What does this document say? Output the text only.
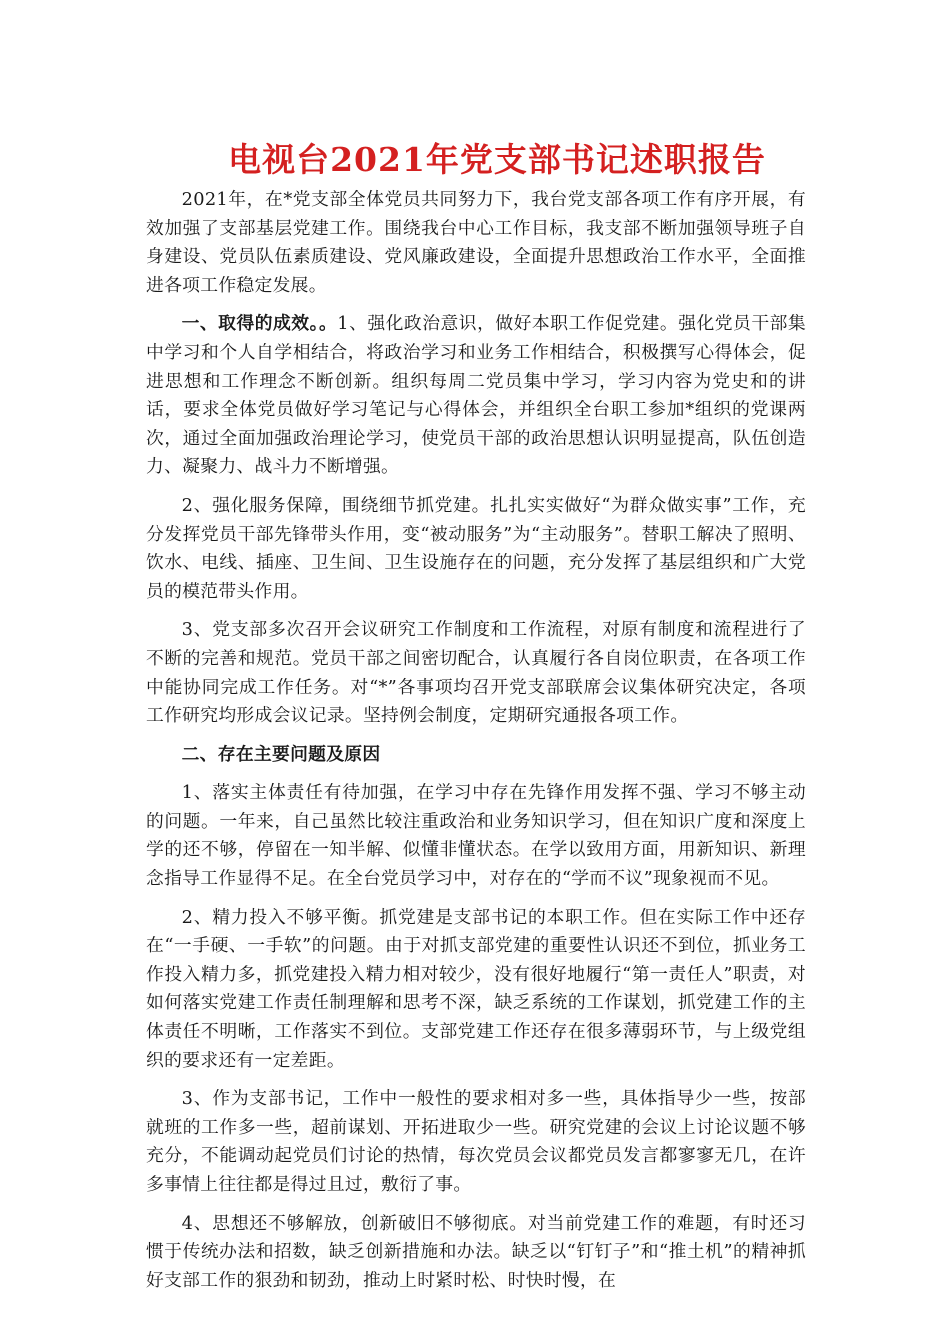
电视台2021年党支部书记述职报告

2021年，在*党支部全体党员共同努力下，我台党支部各项工作有序开展，有效加强了支部基层党建工作。围绕我台中心工作目标，我支部不断加强领导班子自身建设、党员队伍素质建设、党风廉政建设，全面提升思想政治工作水平，全面推进各项工作稳定发展。

一、取得的成效。。1、强化政治意识，做好本职工作促党建。强化党员干部集中学习和个人自学相结合，将政治学习和业务工作相结合，积极撰写心得体会，促进思想和工作理念不断创新。组织每周二党员集中学习，学习内容为党史和的讲话，要求全体党员做好学习笔记与心得体会，并组织全台职工参加*组织的党课两次，通过全面加强政治理论学习，使党员干部的政治思想认识明显提高，队伍创造力、凝聚力、战斗力不断增强。

2、强化服务保障，围绕细节抓党建。扎扎实实做好“为群众做实事”工作，充分发挥党员干部先锋带头作用，变“被动服务”为“主动服务”。替职工解决了照明、饮水、电线、插座、卫生间、卫生设施存在的问题，充分发挥了基层组织和广大党员的模范带头作用。

3、党支部多次召开会议研究工作制度和工作流程，对原有制度和流程进行了不断的完善和规范。党员干部之间密切配合，认真履行各自岗位职责，在各项工作中能协同完成工作任务。对“*”各事项均召开党支部联席会议集体研究决定，各项工作研究均形成会议记录。坚持例会制度，定期研究通报各项工作。

二、存在主要问题及原因

1、落实主体责任有待加强，在学习中存在先锋作用发挥不强、学习不够主动的问题。一年来，自己虽然比较注重政治和业务知识学习，但在知识广度和深度上学的还不够，停留在一知半解、似懂非懂状态。在学以致用方面，用新知识、新理念指导工作显得不足。在全台党员学习中，对存在的“学而不议”现象视而不见。

2、精力投入不够平衡。抓党建是支部书记的本职工作。但在实际工作中还存在“一手硬、一手软”的问题。由于对抓支部党建的重要性认识还不到位，抓业务工作投入精力多，抓党建投入精力相对较少，没有很好地履行“第一责任人”职责，对如何落实党建工作责任制理解和思考不深，缺乏系统的工作谋划，抓党建工作的主体责任不明晰，工作落实不到位。支部党建工作还存在很多薄弱环节，与上级党组织的要求还有一定差距。

3、作为支部书记，工作中一般性的要求相对多一些，具体指导少一些，按部就班的工作多一些，超前谋划、开拓进取少一些。研究党建的会议上讨论议题不够充分，不能调动起党员们讨论的热情，每次党员会议都党员发言都寥寥无几，在许多事情上往往都是得过且过，敷衍了事。

4、思想还不够解放，创新破旧不够彻底。对当前党建工作的难题，有时还习惯于传统办法和招数，缺乏创新措施和办法。缺乏以“钉钉子”和“推土机”的精神抓好支部工作的狠劲和韧劲，推动上时紧时松、时快时慢，在
